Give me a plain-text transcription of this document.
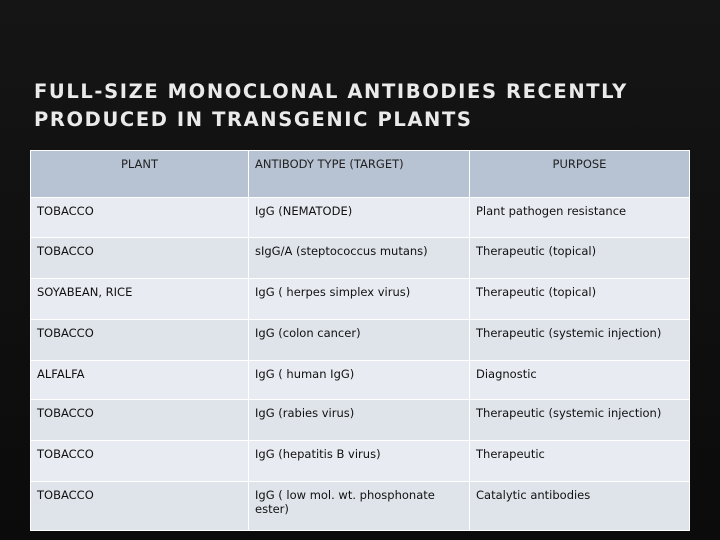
FULL-SIZE MONOCLONAL ANTIBODIES RECENTLY
PRODUCED IN TRANSGENIC PLANTS
PLANT	ANTIBODY TYPE (TARGET)	PURPOSE
TOBACCO	IgG (NEMATODE)	Plant pathogen resistance
TOBACCO	sIgG/A (steptococcus mutans)	Therapeutic (topical)
SOYABEAN, RICE	IgG ( herpes simplex virus)	Therapeutic (topical)
TOBACCO	IgG (colon cancer)	Therapeutic (systemic injection)
ALFALFA	IgG ( human IgG)	Diagnostic
TOBACCO	IgG (rabies virus)	Therapeutic (systemic injection)
TOBACCO	IgG (hepatitis B virus)	Therapeutic
TOBACCO	IgG ( low mol. wt. phosphonate ester)	Catalytic antibodies
